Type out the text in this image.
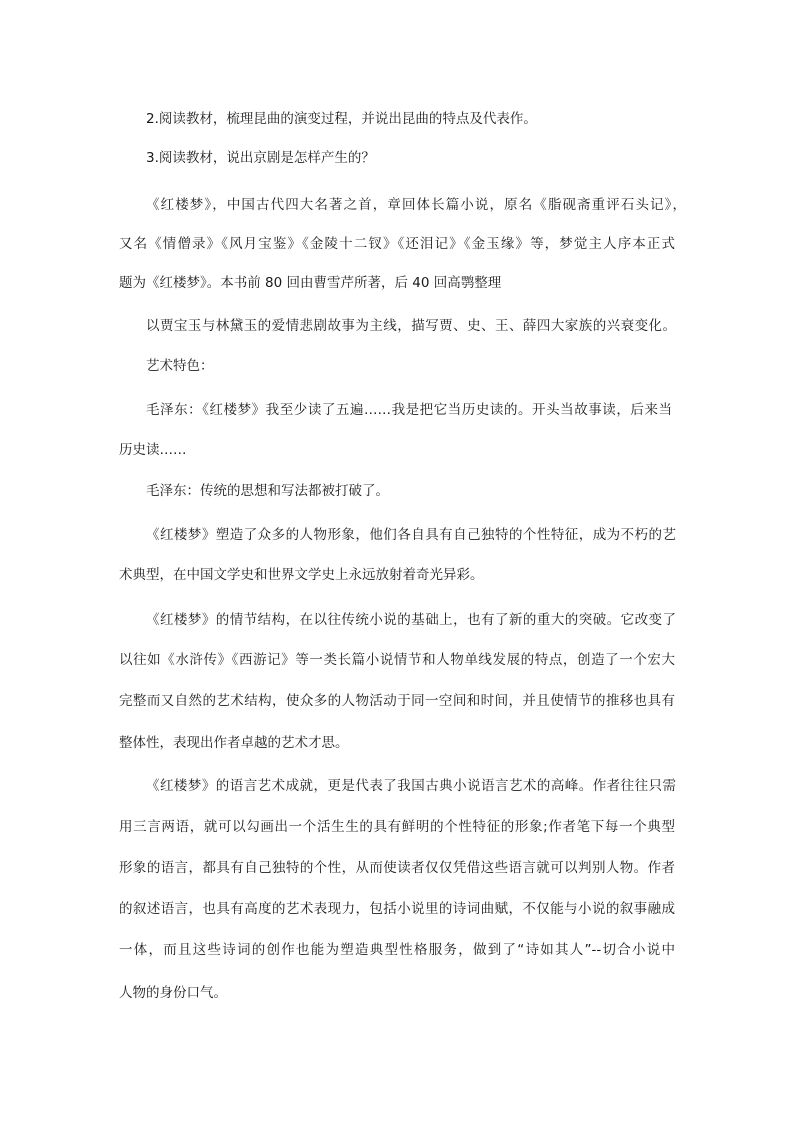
2.阅读教材，梳理昆曲的演变过程，并说出昆曲的特点及代表作。
3.阅读教材，说出京剧是怎样产生的？
《红楼梦》，中国古代四大名著之首，章回体长篇小说，原名《脂砚斋重评石头记》，
又名《情僧录》《风月宝鉴》《金陵十二钗》《还泪记》《金玉缘》等，梦觉主人序本正式
题为《红楼梦》。本书前 80 回由曹雪芹所著，后 40 回高鹗整理
以贾宝玉与林黛玉的爱情悲剧故事为主线，描写贾、史、王、薛四大家族的兴衰变化。
艺术特色：
毛泽东：《红楼梦》我至少读了五遍……我是把它当历史读的。开头当故事读，后来当
历史读……
毛泽东：传统的思想和写法都被打破了。
《红楼梦》塑造了众多的人物形象，他们各自具有自己独特的个性特征，成为不朽的艺
术典型，在中国文学史和世界文学史上永远放射着奇光异彩。
《红楼梦》的情节结构，在以往传统小说的基础上，也有了新的重大的突破。它改变了
以往如《水浒传》《西游记》等一类长篇小说情节和人物单线发展的特点，创造了一个宏大
完整而又自然的艺术结构，使众多的人物活动于同一空间和时间，并且使情节的推移也具有
整体性，表现出作者卓越的艺术才思。
《红楼梦》的语言艺术成就，更是代表了我国古典小说语言艺术的高峰。作者往往只需
用三言两语，就可以勾画出一个活生生的具有鲜明的个性特征的形象;作者笔下每一个典型
形象的语言，都具有自己独特的个性，从而使读者仅仅凭借这些语言就可以判别人物。作者
的叙述语言，也具有高度的艺术表现力，包括小说里的诗词曲赋，不仅能与小说的叙事融成
一体，而且这些诗词的创作也能为塑造典型性格服务，做到了“诗如其人”--切合小说中
人物的身份口气。
